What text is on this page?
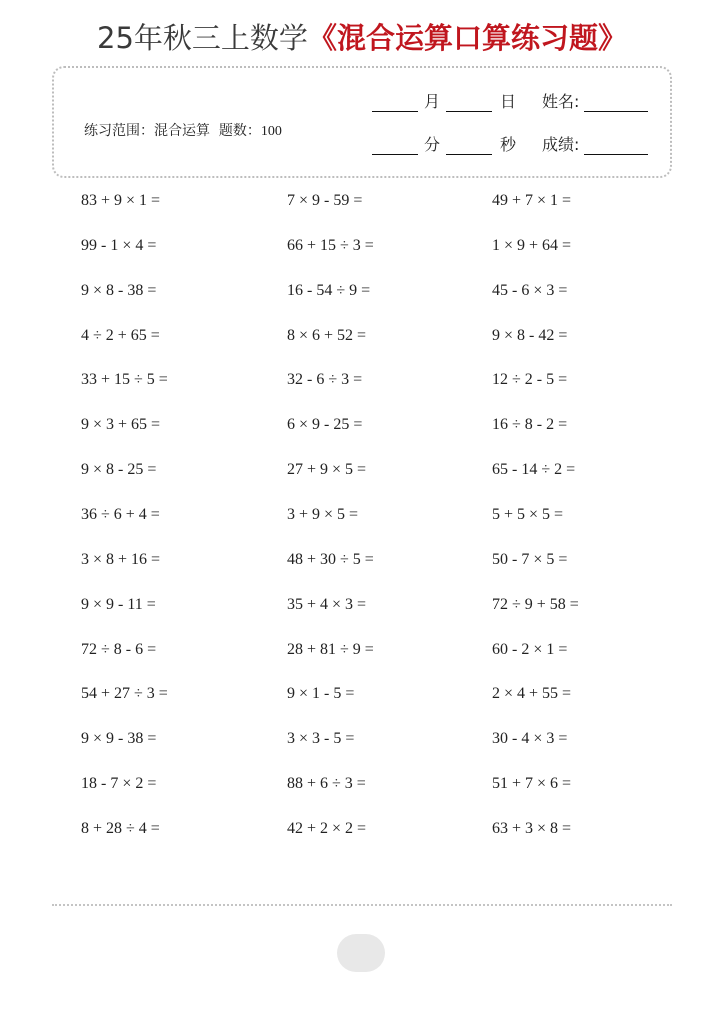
25年秋三上数学《混合运算口算练习题》
练习范围：混合运算 题数：100
月	日 姓名:
分	秒 成绩:
83 + 9 × 1 =
99 - 1 × 4 =
9 × 8 - 38 =
4 ÷ 2 + 65 =
33 + 15 ÷ 5 =
9 × 3 + 65 =
9 × 8 - 25 =
36 ÷ 6 + 4 =
3 × 8 + 16 =
9 × 9 - 11 =
72 ÷ 8 - 6 =
54 + 27 ÷ 3 =
9 × 9 - 38 =
18 - 7 × 2 =
8 + 28 ÷ 4 =
7 × 9 - 59 =
66 + 15 ÷ 3 =
16 - 54 ÷ 9 =
8 × 6 + 52 =
32 - 6 ÷ 3 =
6 × 9 - 25 =
27 + 9 × 5 =
3 + 9 × 5 =
48 + 30 ÷ 5 =
35 + 4 × 3 =
28 + 81 ÷ 9 =
9 × 1 - 5 =
3 × 3 - 5 =
88 + 6 ÷ 3 =
42 + 2 × 2 =
49 + 7 × 1 =
1 × 9 + 64 =
45 - 6 × 3 =
9 × 8 - 42 =
12 ÷ 2 - 5 =
16 ÷ 8 - 2 =
65 - 14 ÷ 2 =
5 + 5 × 5 =
50 - 7 × 5 =
72 ÷ 9 + 58 =
60 - 2 × 1 =
2 × 4 + 55 =
30 - 4 × 3 =
51 + 7 × 6 =
63 + 3 × 8 =
